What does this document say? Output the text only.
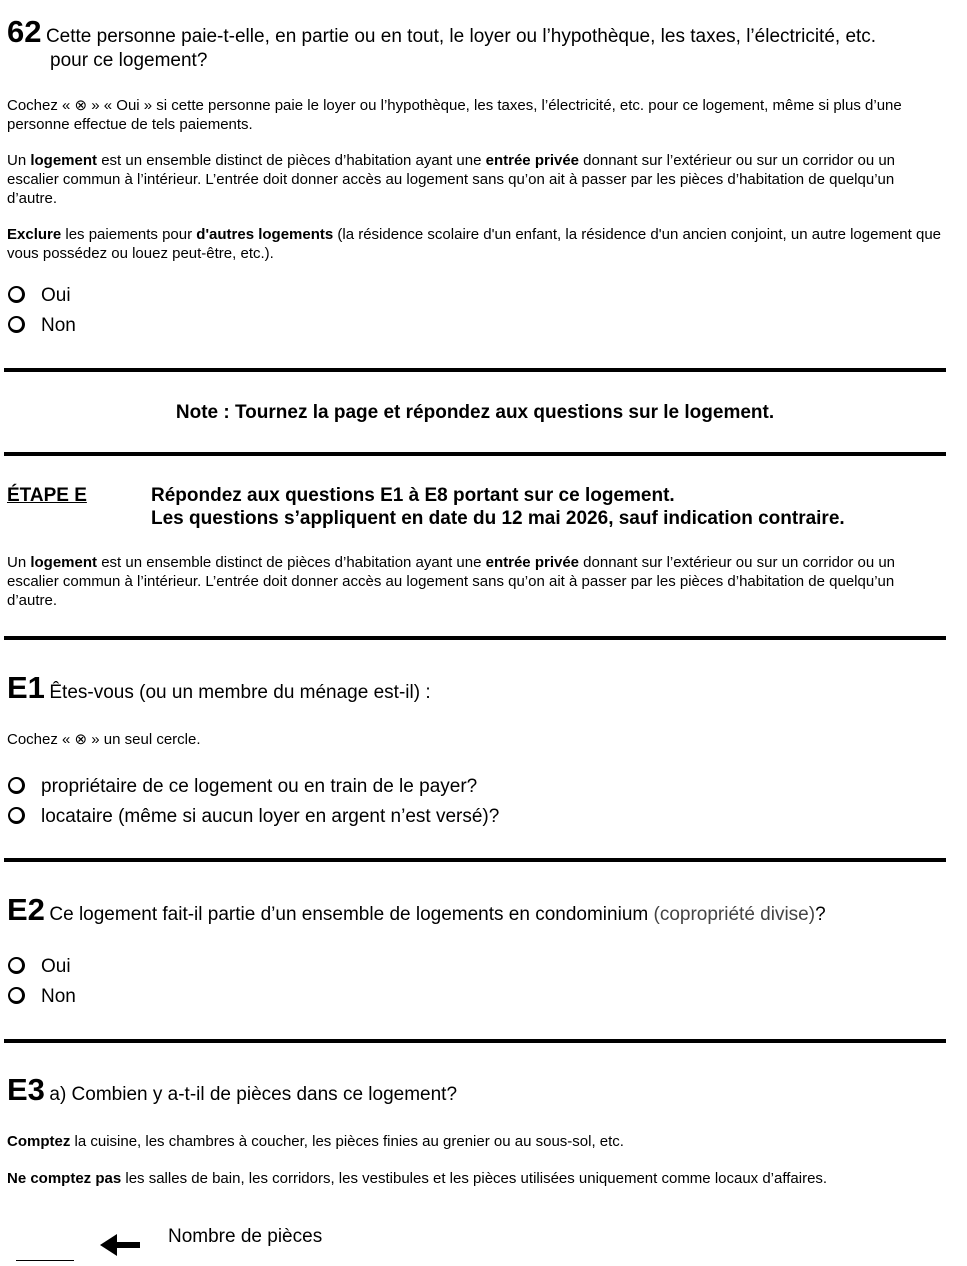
62 Cette personne paie-t-elle, en partie ou en tout, le loyer ou l’hypothèque, les taxes, l’électricité, etc.
pour ce logement?
Cochez « ⊗ » « Oui » si cette personne paie le loyer ou l’hypothèque, les taxes, l’électricité, etc. pour ce logement, même si plus d’une personne effectue de tels paiements.
Un logement est un ensemble distinct de pièces d’habitation ayant une entrée privée donnant sur l’extérieur ou sur un corridor ou un escalier commun à l’intérieur. L’entrée doit donner accès au logement sans qu’on ait à passer par les pièces d’habitation de quelqu’un d’autre.
Exclure les paiements pour d'autres logements (la résidence scolaire d'un enfant, la résidence d'un ancien conjoint, un autre logement que vous possédez ou louez peut-être, etc.).
Oui
Non
Note : Tournez la page et répondez aux questions sur le logement.
ÉTAPE E	Répondez aux questions E1 à E8 portant sur ce logement.
Les questions s’appliquent en date du 12 mai 2026, sauf indication contraire.
Un logement est un ensemble distinct de pièces d’habitation ayant une entrée privée donnant sur l’extérieur ou sur un corridor ou un escalier commun à l’intérieur. L’entrée doit donner accès au logement sans qu’on ait à passer par les pièces d’habitation de quelqu’un d’autre.
E1 Êtes-vous (ou un membre du ménage est-il) :
Cochez « ⊗ » un seul cercle.
propriétaire de ce logement ou en train de le payer?
locataire (même si aucun loyer en argent n’est versé)?
E2 Ce logement fait-il partie d’un ensemble de logements en condominium (copropriété divise)?
Oui
Non
E3 a) Combien y a-t-il de pièces dans ce logement?
Comptez la cuisine, les chambres à coucher, les pièces finies au grenier ou au sous-sol, etc.
Ne comptez pas les salles de bain, les corridors, les vestibules et les pièces utilisées uniquement comme locaux d’affaires.
Nombre de pièces
